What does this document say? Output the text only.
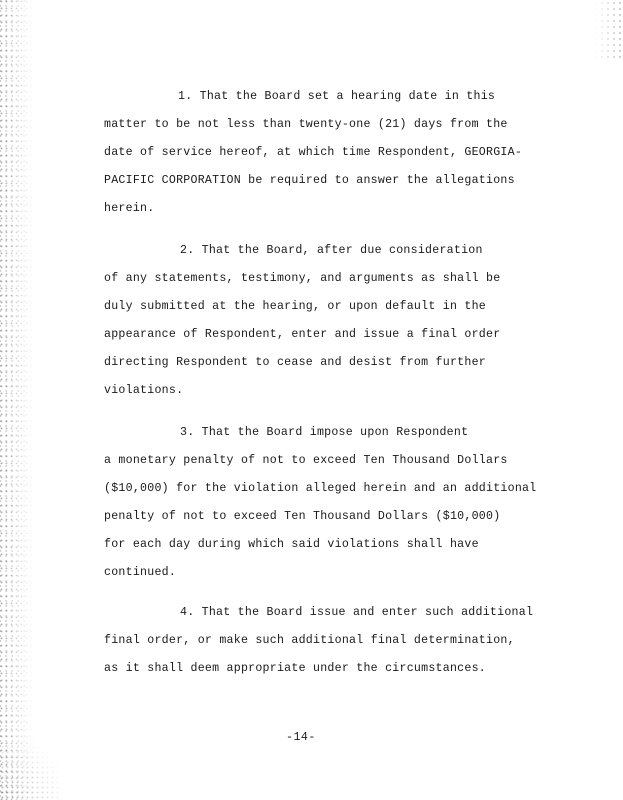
1. That the Board set a hearing date in this
matter to be not less than twenty-one (21) days from the
date of service hereof, at which time Respondent, GEORGIA-
PACIFIC CORPORATION be required to answer the allegations
herein.
2. That the Board, after due consideration
of any statements, testimony, and arguments as shall be
duly submitted at the hearing, or upon default in the
appearance of Respondent, enter and issue a final order
directing Respondent to cease and desist from further
violations.
3. That the Board impose upon Respondent
a monetary penalty of not to exceed Ten Thousand Dollars
($10,000) for the violation alleged herein and an additional
penalty of not to exceed Ten Thousand Dollars ($10,000)
for each day during which said violations shall have
continued.
4. That the Board issue and enter such additional
final order, or make such additional final determination,
as it shall deem appropriate under the circumstances.
-14-
